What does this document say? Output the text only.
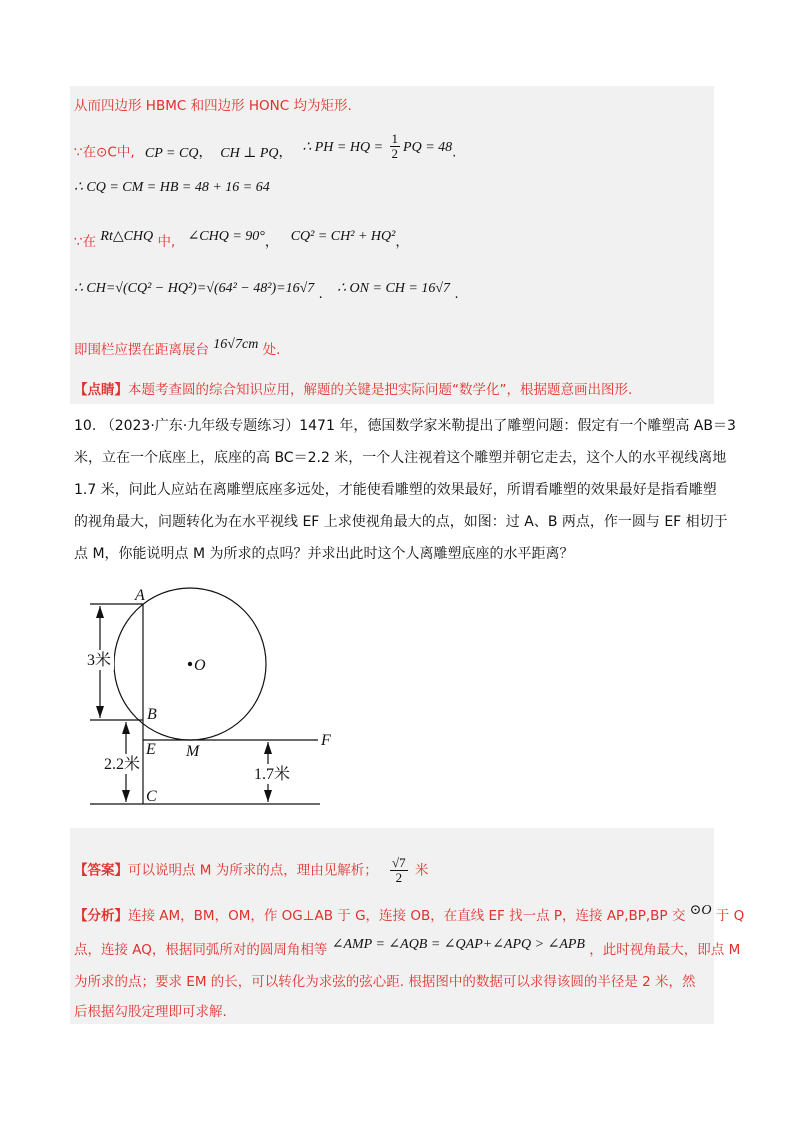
从而四边形 HBMC 和四边形 HONC 均为矩形.
∵在⊙C中, CP = CQ， CH ⊥ PQ， ∴ PH = HQ = $\frac{1}{2}$ PQ = 48.
∴ CQ = CM = HB = 48 + 16 = 64
∵在 Rt△CHQ 中, ∠CHQ = 90°， CQ² = CH² + HQ²，
∴ CH=√(CQ² − HQ²)=√(64² − 48²)=16√7 . ∴ ON = CH = 16√7 .
即围栏应摆在距离展台 16√7cm 处.
【点睛】本题考查圆的综合知识应用，解题的关键是把实际问题“数学化”，根据题意画出图形.
10. （2023·广东·九年级专题练习）1471 年，德国数学家米勒提出了雕塑问题：假定有一个雕塑高 AB＝3
米，立在一个底座上，底座的高 BC＝2.2 米，一个人注视着这个雕塑并朝它走去，这个人的水平视线离地
1.7 米，问此人应站在离雕塑底座多远处，才能使看雕塑的效果最好，所谓看雕塑的效果最好是指看雕塑
的视角最大，问题转化为在水平视线 EF 上求使视角最大的点，如图：过 A、B 两点，作一圆与 EF 相切于
点 M，你能说明点 M 为所求的点吗？并求出此时这个人离雕塑底座的水平距离？
A
B
E
C
M
F
O
3米
2.2米
1.7米
【答案】可以说明点 M 为所求的点，理由见解析； $\frac{√7}{2}$ 米
【分析】连接 AM，BM，OM，作 OG⊥AB 于 G，连接 OB，在直线 EF 找一点 P，连接 AP,BP,BP 交 ⊙O 于 Q
点，连接 AQ，根据同弧所对的圆周角相等 ∠AMP = ∠AQB = ∠QAP+∠APQ > ∠APB ，此时视角最大，即点 M
为所求的点；要求 EM 的长，可以转化为求弦的弦心距. 根据图中的数据可以求得该圆的半径是 2 米，然
后根据勾股定理即可求解.
